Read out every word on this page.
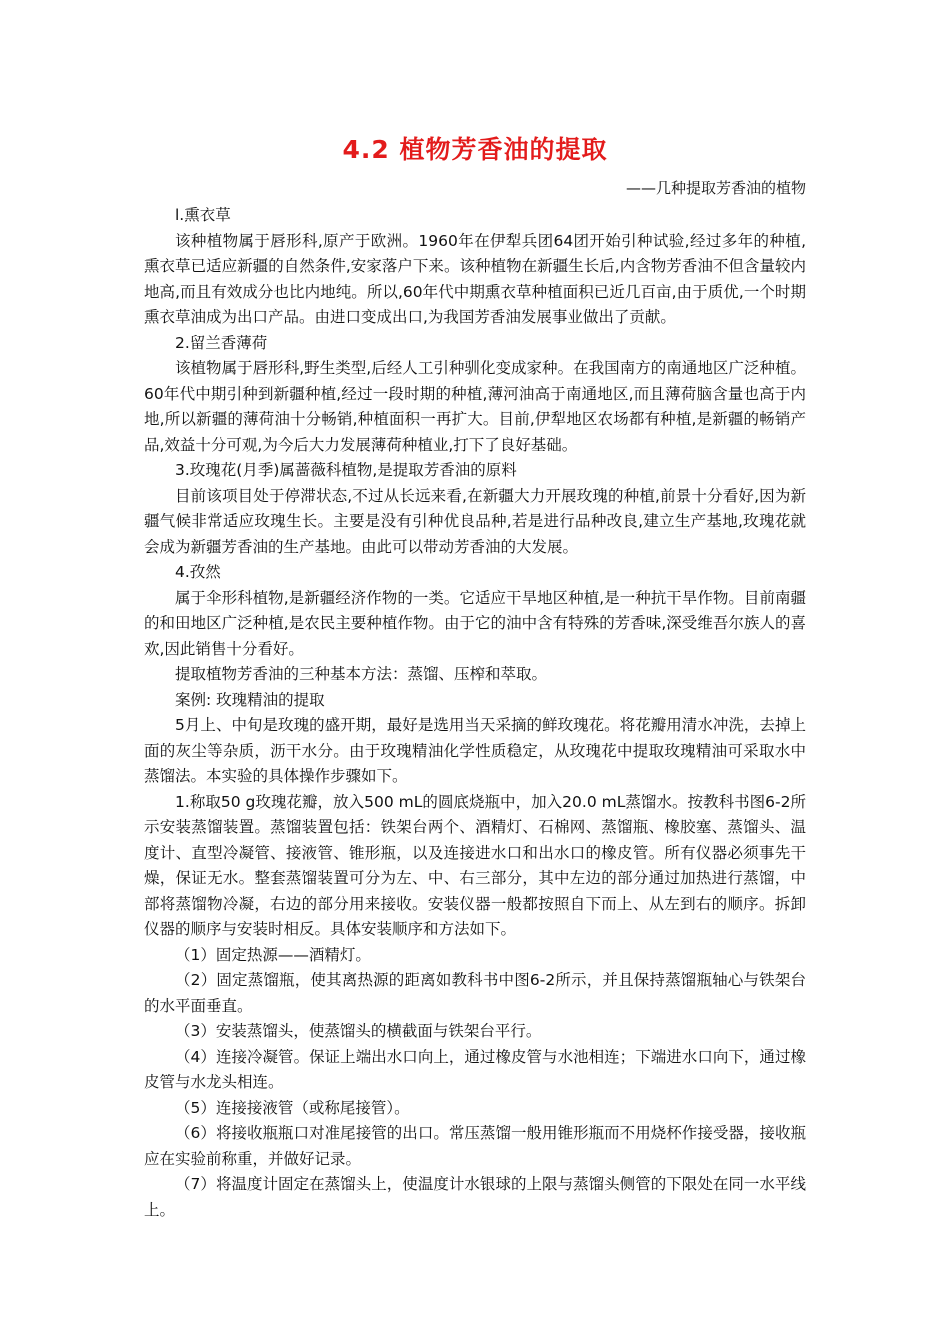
4.2 植物芳香油的提取
——几种提取芳香油的植物

l.熏衣草

该种植物属于唇形科,原产于欧洲。1960年在伊犁兵团64团开始引种试验,经过多年的种植,熏衣草已适应新疆的自然条件,安家落户下来。该种植物在新疆生长后,内含物芳香油不但含量较内地高,而且有效成分也比内地纯。所以,60年代中期熏衣草种植面积已近几百亩,由于质优,一个时期熏衣草油成为出口产品。由进口变成出口,为我国芳香油发展事业做出了贡献。

2.留兰香薄荷

该植物属于唇形科,野生类型,后经人工引种驯化变成家种。在我国南方的南通地区广泛种植。60年代中期引种到新疆种植,经过一段时期的种植,薄河油高于南通地区,而且薄荷脑含量也高于内地,所以新疆的薄荷油十分畅销,种植面积一再扩大。目前,伊犁地区农场都有种植,是新疆的畅销产品,效益十分可观,为今后大力发展薄荷种植业,打下了良好基础。

3.玫瑰花(月季)属蔷薇科植物,是提取芳香油的原料

目前该项目处于停滞状态,不过从长远来看,在新疆大力开展玫瑰的种植,前景十分看好,因为新疆气候非常适应玫瑰生长。主要是没有引种优良品种,若是进行品种改良,建立生产基地,玫瑰花就会成为新疆芳香油的生产基地。由此可以带动芳香油的大发展。

4.孜然

属于伞形科植物,是新疆经济作物的一类。它适应干旱地区种植,是一种抗干旱作物。目前南疆的和田地区广泛种植,是农民主要种植作物。由于它的油中含有特殊的芳香味,深受维吾尔族人的喜欢,因此销售十分看好。

提取植物芳香油的三种基本方法：蒸馏、压榨和萃取。

案例: 玫瑰精油的提取

5月上、中旬是玫瑰的盛开期，最好是选用当天采摘的鲜玫瑰花。将花瓣用清水冲洗，去掉上面的灰尘等杂质，沥干水分。由于玫瑰精油化学性质稳定，从玫瑰花中提取玫瑰精油可采取水中蒸馏法。本实验的具体操作步骤如下。

1.称取50 g玫瑰花瓣，放入500 mL的圆底烧瓶中，加入20.0 mL蒸馏水。按教科书图6-2所示安装蒸馏装置。蒸馏装置包括：铁架台两个、酒精灯、石棉网、蒸馏瓶、橡胶塞、蒸馏头、温度计、直型冷凝管、接液管、锥形瓶，以及连接进水口和出水口的橡皮管。所有仪器必须事先干燥，保证无水。整套蒸馏装置可分为左、中、右三部分，其中左边的部分通过加热进行蒸馏，中部将蒸馏物冷凝，右边的部分用来接收。安装仪器一般都按照自下而上、从左到右的顺序。拆卸仪器的顺序与安装时相反。具体安装顺序和方法如下。

（1）固定热源——酒精灯。

（2）固定蒸馏瓶，使其离热源的距离如教科书中图6-2所示，并且保持蒸馏瓶轴心与铁架台的水平面垂直。

（3）安装蒸馏头，使蒸馏头的横截面与铁架台平行。

（4）连接冷凝管。保证上端出水口向上，通过橡皮管与水池相连；下端进水口向下，通过橡皮管与水龙头相连。

（5）连接接液管（或称尾接管）。

（6）将接收瓶瓶口对准尾接管的出口。常压蒸馏一般用锥形瓶而不用烧杯作接受器，接收瓶应在实验前称重，并做好记录。

（7）将温度计固定在蒸馏头上，使温度计水银球的上限与蒸馏头侧管的下限处在同一水平线上。
